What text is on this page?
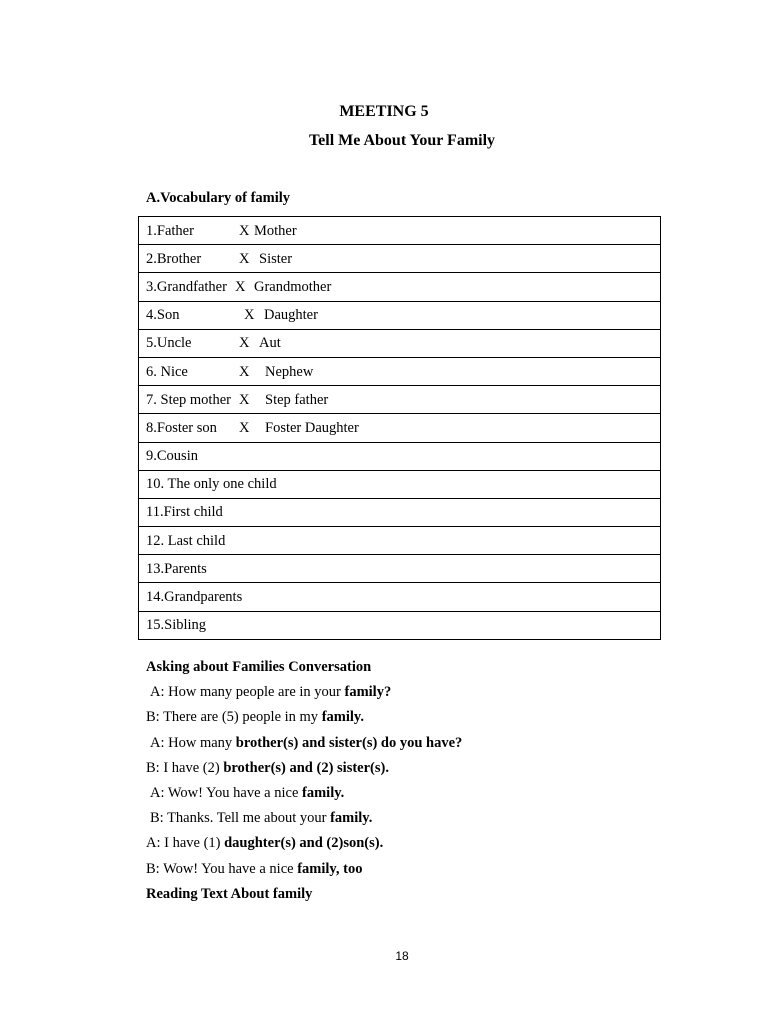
MEETING 5
Tell Me About Your Family
A.Vocabulary of family
1.Father	X Mother
2.Brother	X Sister
3.Grandfather X Grandmother
4.Son	X Daughter
5.Uncle	X Aut
6. Nice	X Nephew
7. Step mother X Step father
8.Foster son X Foster Daughter
9.Cousin
10. The only one child
11.First child
12. Last child
13.Parents
14.Grandparents
15.Sibling

Asking about Families Conversation

A: How many people are in your family?

B: There are (5) people in my family.

A: How many brother(s) and sister(s) do you have?

B: I have (2) brother(s) and (2) sister(s).

A: Wow! You have a nice family.

B: Thanks. Tell me about your family.

A: I have (1) daughter(s) and (2)son(s).

B: Wow! You have a nice family, too

Reading Text About family

18
